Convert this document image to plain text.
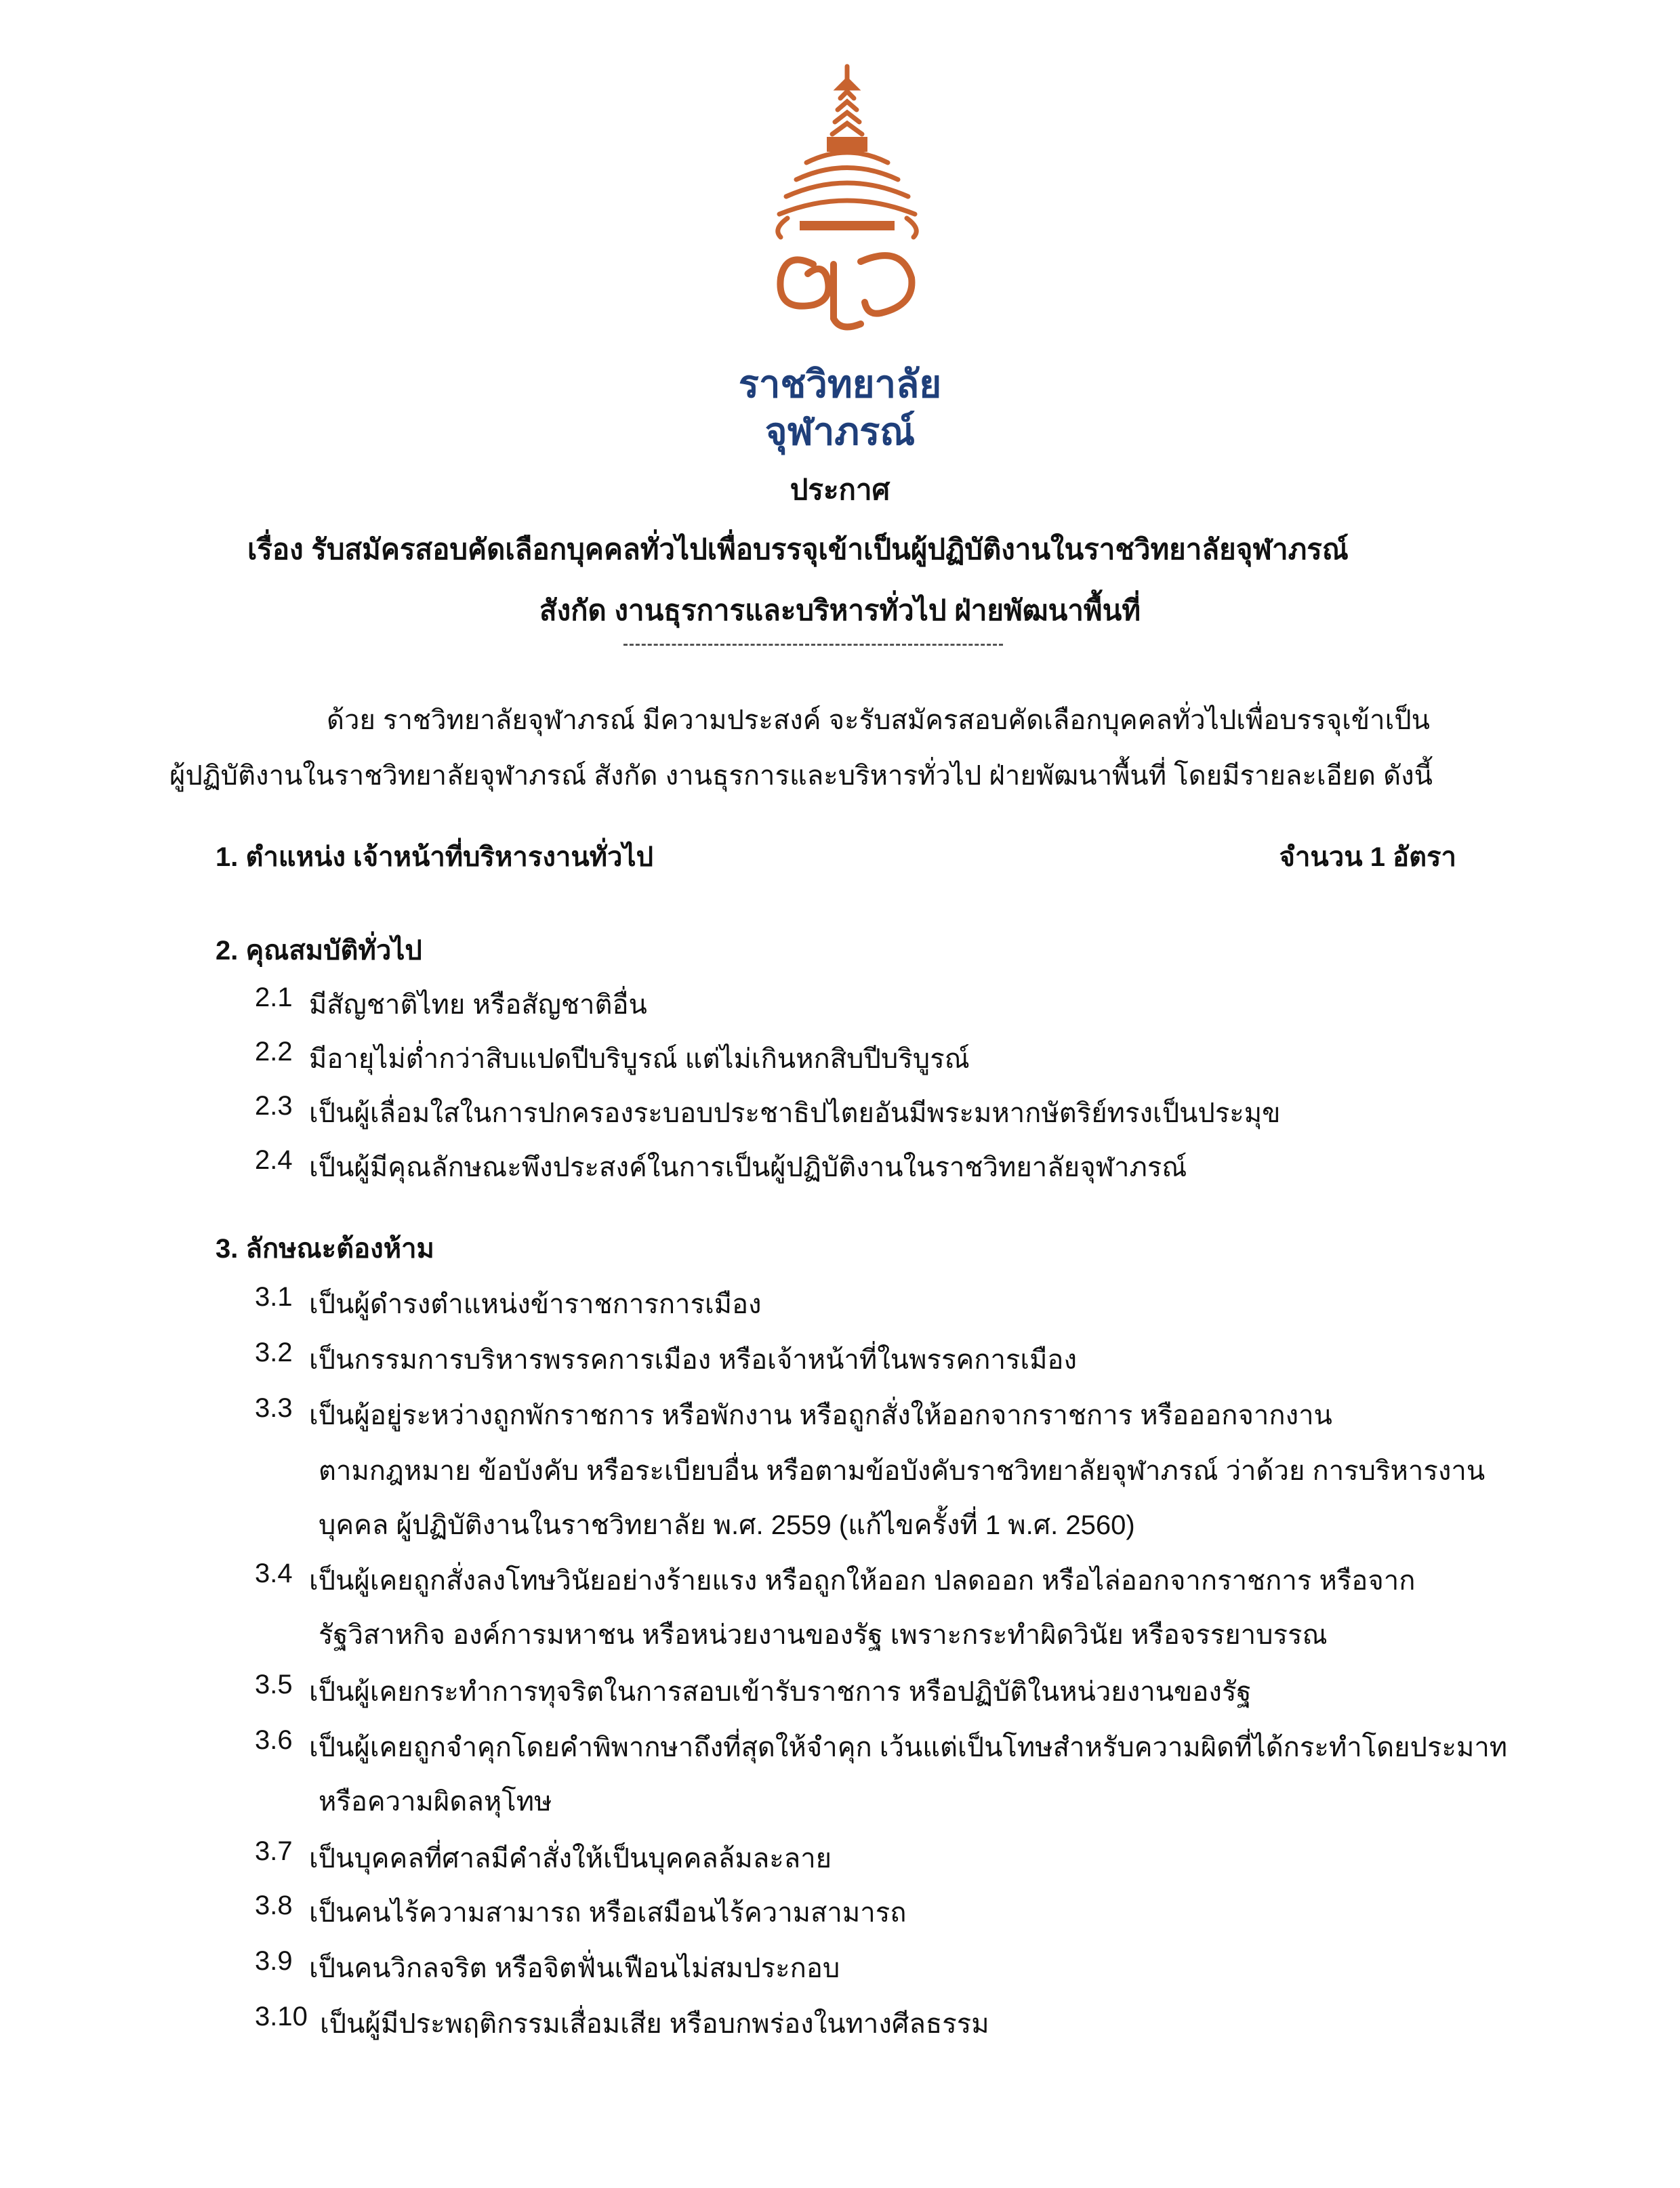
ราชวิทยาลัย
จุฬาภรณ์
ประกาศ
เรื่อง รับสมัครสอบคัดเลือกบุคคลทั่วไปเพื่อบรรจุเข้าเป็นผู้ปฏิบัติงานในราชวิทยาลัยจุฬาภรณ์
สังกัด งานธุรการและบริหารทั่วไป ฝ่ายพัฒนาพื้นที่
ด้วย ราชวิทยาลัยจุฬาภรณ์ มีความประสงค์ จะรับสมัครสอบคัดเลือกบุคคลทั่วไปเพื่อบรรจุเข้าเป็น
ผู้ปฏิบัติงานในราชวิทยาลัยจุฬาภรณ์ สังกัด งานธุรการและบริหารทั่วไป ฝ่ายพัฒนาพื้นที่ โดยมีรายละเอียด ดังนี้
1. ตำแหน่ง เจ้าหน้าที่บริหารงานทั่วไป	จำนวน 1 อัตรา
2. คุณสมบัติทั่วไป
2.1 มีสัญชาติไทย หรือสัญชาติอื่น
2.2 มีอายุไม่ต่ำกว่าสิบแปดปีบริบูรณ์ แต่ไม่เกินหกสิบปีบริบูรณ์
2.3 เป็นผู้เลื่อมใสในการปกครองระบอบประชาธิปไตยอันมีพระมหากษัตริย์ทรงเป็นประมุข
2.4 เป็นผู้มีคุณลักษณะพึงประสงค์ในการเป็นผู้ปฏิบัติงานในราชวิทยาลัยจุฬาภรณ์
3. ลักษณะต้องห้าม
3.1 เป็นผู้ดำรงตำแหน่งข้าราชการการเมือง
3.2 เป็นกรรมการบริหารพรรคการเมือง หรือเจ้าหน้าที่ในพรรคการเมือง
3.3 เป็นผู้อยู่ระหว่างถูกพักราชการ หรือพักงาน หรือถูกสั่งให้ออกจากราชการ หรือออกจากงาน
ตามกฎหมาย ข้อบังคับ หรือระเบียบอื่น หรือตามข้อบังคับราชวิทยาลัยจุฬาภรณ์ ว่าด้วย การบริหารงาน
บุคคล ผู้ปฏิบัติงานในราชวิทยาลัย พ.ศ. 2559 (แก้ไขครั้งที่ 1 พ.ศ. 2560)
3.4 เป็นผู้เคยถูกสั่งลงโทษวินัยอย่างร้ายแรง หรือถูกให้ออก ปลดออก หรือไล่ออกจากราชการ หรือจาก
รัฐวิสาหกิจ องค์การมหาชน หรือหน่วยงานของรัฐ เพราะกระทำผิดวินัย หรือจรรยาบรรณ
3.5 เป็นผู้เคยกระทำการทุจริตในการสอบเข้ารับราชการ หรือปฏิบัติในหน่วยงานของรัฐ
3.6 เป็นผู้เคยถูกจำคุกโดยคำพิพากษาถึงที่สุดให้จำคุก เว้นแต่เป็นโทษสำหรับความผิดที่ได้กระทำโดยประมาท
หรือความผิดลหุโทษ
3.7 เป็นบุคคลที่ศาลมีคำสั่งให้เป็นบุคคลล้มละลาย
3.8 เป็นคนไร้ความสามารถ หรือเสมือนไร้ความสามารถ
3.9 เป็นคนวิกลจริต หรือจิตฟั่นเฟือนไม่สมประกอบ
3.10 เป็นผู้มีประพฤติกรรมเสื่อมเสีย หรือบกพร่องในทางศีลธรรม
